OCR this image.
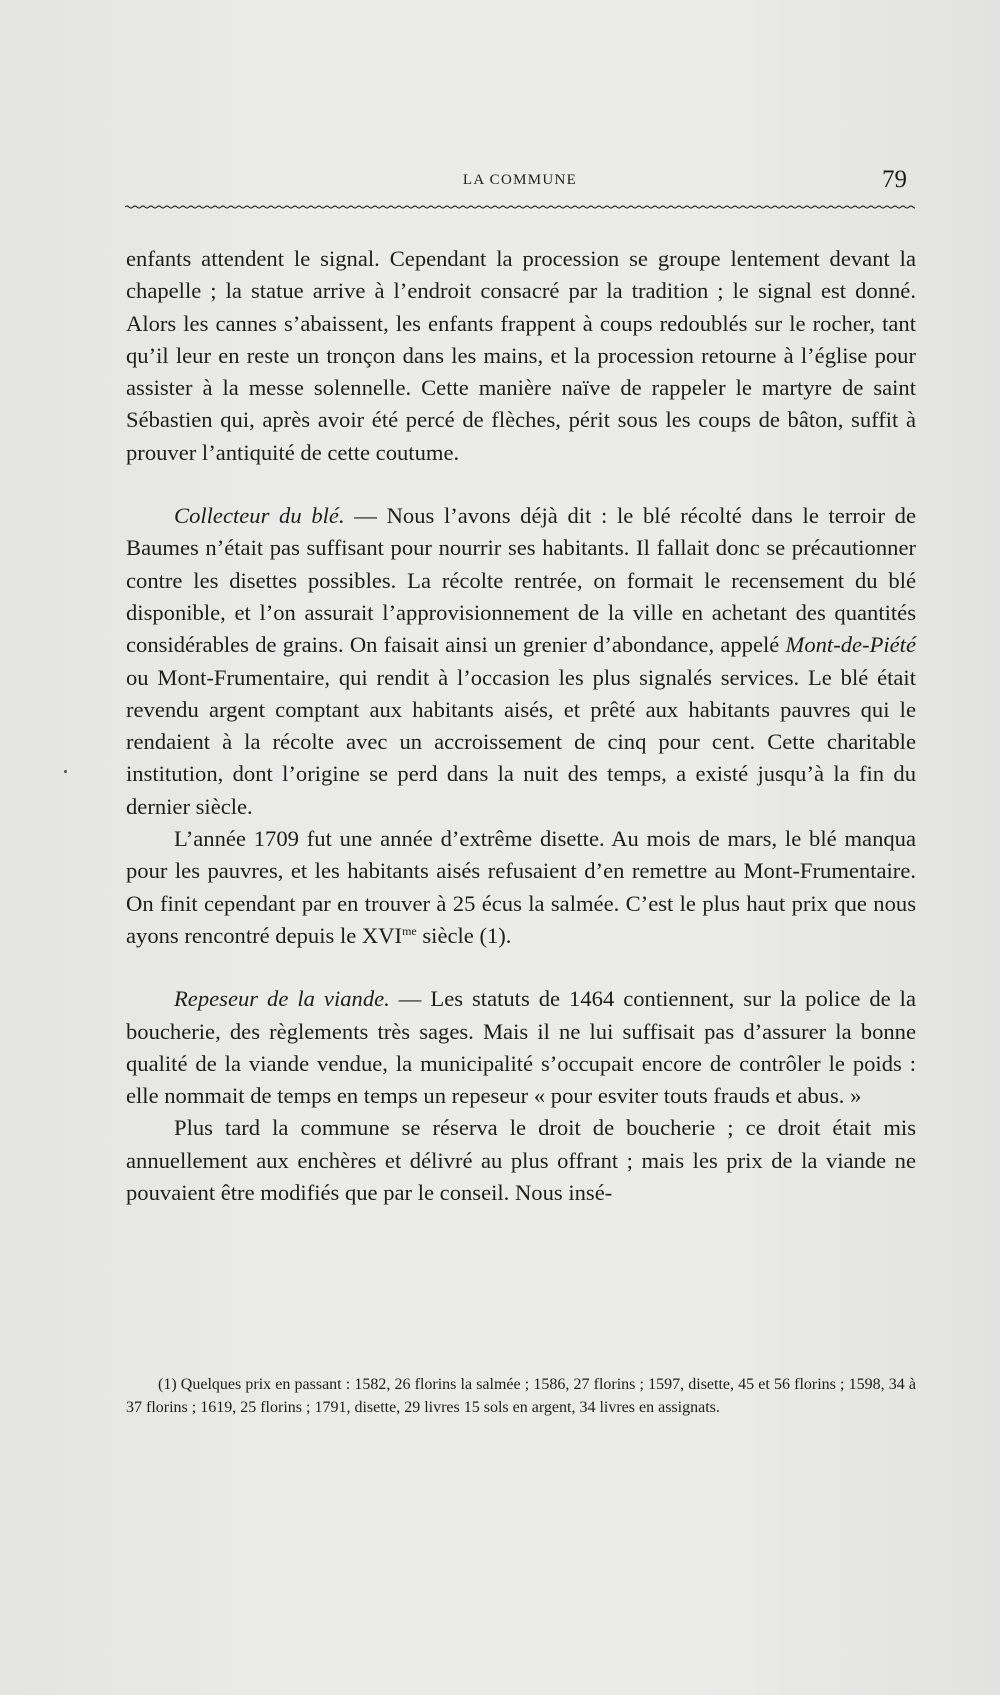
LA COMMUNE	79

enfants attendent le signal. Cependant la procession se groupe lentement devant la chapelle ; la statue arrive à l’endroit consacré par la tradition ; le signal est donné. Alors les cannes s’abaissent, les enfants frappent à coups redoublés sur le rocher, tant qu’il leur en reste un tronçon dans les mains, et la procession retourne à l’église pour assister à la messe solennelle. Cette manière naïve de rappeler le martyre de saint Sébastien qui, après avoir été percé de flèches, périt sous les coups de bâton, suffit à prouver l’antiquité de cette coutume.

Collecteur du blé. — Nous l’avons déjà dit : le blé récolté dans le terroir de Baumes n’était pas suffisant pour nourrir ses habitants. Il fallait donc se précautionner contre les disettes possibles. La récolte rentrée, on formait le recensement du blé disponible, et l’on assurait l’approvisionnement de la ville en achetant des quantités considérables de grains. On faisait ainsi un grenier d’abondance, appelé Mont-de-Piété ou Mont-Frumentaire, qui rendit à l’occasion les plus signalés services. Le blé était revendu argent comptant aux habitants aisés, et prêté aux habitants pauvres qui le rendaient à la récolte avec un accroissement de cinq pour cent. Cette charitable institution, dont l’origine se perd dans la nuit des temps, a existé jusqu’à la fin du dernier siècle.

L’année 1709 fut une année d’extrême disette. Au mois de mars, le blé manqua pour les pauvres, et les habitants aisés refusaient d’en remettre au Mont-Frumentaire. On finit cependant par en trouver à 25 écus la salmée. C’est le plus haut prix que nous ayons rencontré depuis le $XVI^{me}$ siècle (1).

Repeseur de la viande. — Les statuts de 1464 contiennent, sur la police de la boucherie, des règlements très sages. Mais il ne lui suffisait pas d’assurer la bonne qualité de la viande vendue, la municipalité s’occupait encore de contrôler le poids : elle nommait de temps en temps un repeseur « pour esviter touts frauds et abus. »

Plus tard la commune se réserva le droit de boucherie ; ce droit était mis annuellement aux enchères et délivré au plus offrant ; mais les prix de la viande ne pouvaient être modifiés que par le conseil. Nous insé-

(1) Quelques prix en passant : 1582, 26 florins la salmée ; 1586, 27 florins ; 1597, disette, 45 et 56 florins ; 1598, 34 à 37 florins ; 1619, 25 florins ; 1791, disette, 29 livres 15 sols en argent, 34 livres en assignats.
